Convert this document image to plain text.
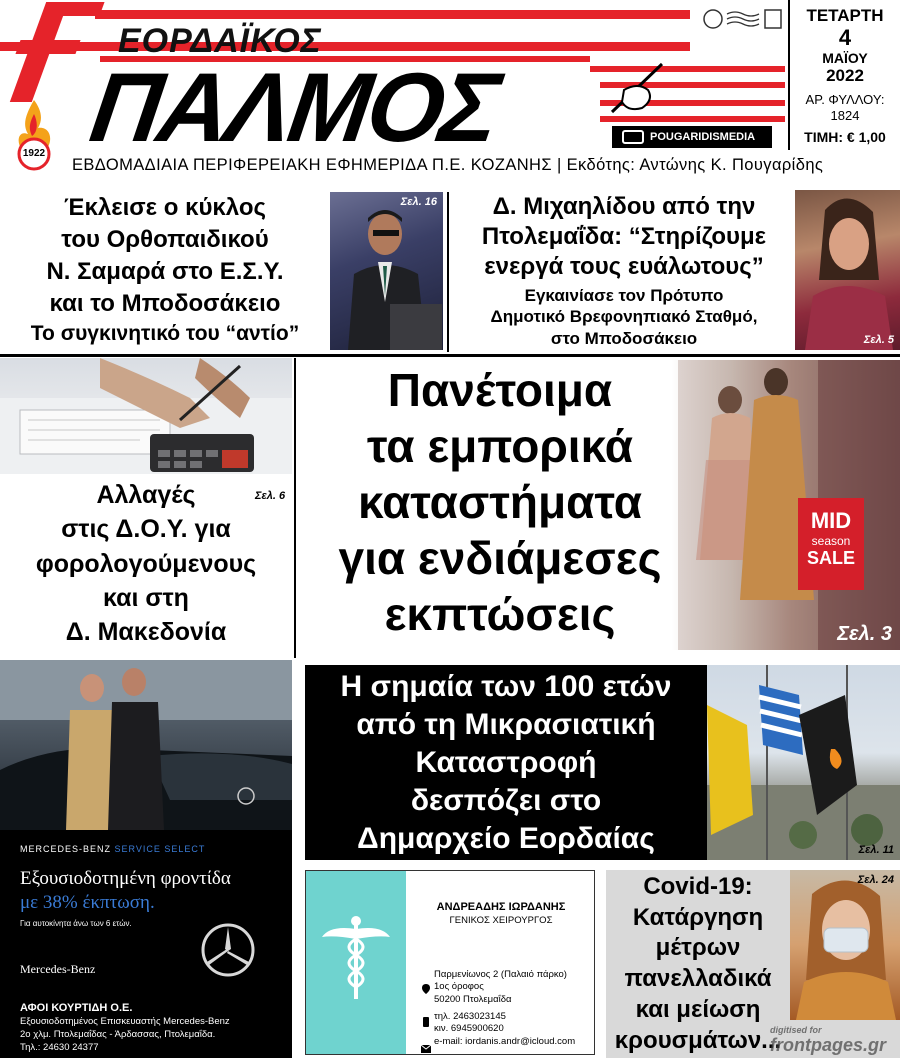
ΕΟΡΔΑΪΚΟΣ
ΠΑΛΜΟΣ
1922
POUGARIDISMEDIA
ΤΕΤΑΡΤΗ
4
ΜΑΪΟΥ
2022
ΑΡ. ΦΥΛΛΟΥ:
1824
ΤΙΜΗ: € 1,00
ΕΒΔΟΜΑΔΙΑΙΑ ΠΕΡΙΦΕΡΕΙΑΚΗ ΕΦΗΜΕΡΙΔΑ Π.Ε. ΚΟΖΑΝΗΣ | Εκδότης: Αντώνης Κ. Πουγαρίδης
Έκλεισε ο κύκλος
του Ορθοπαιδικού
Ν. Σαμαρά στο Ε.Σ.Υ.
και το Μποδοσάκειο
Το συγκινητικό του “αντίο”
Σελ. 16	Δ. Μιχαηλίδου από την
Πτολεμαΐδα: “Στηρίζουμε
ενεργά τους ευάλωτους”
Εγκαινίασε τον Πρότυπο
Δημοτικό Βρεφονηπιακό Σταθμό,
στο Μποδοσάκειο	Σελ. 5
Αλλαγές
στις Δ.Ο.Υ. για
φορολογούμενους
και στη
Δ. Μακεδονία
Σελ. 6
Σελ. 3
Πανέτοιμα
τα εμπορικά
καταστήματα
για ενδιάμεσες
εκπτώσεις
MID
season
SALE
Η σημαία των 100 ετών
από τη Μικρασιατική
Καταστροφή
δεσπόζει στο
Δημαρχείο Εορδαίας	Σελ. 11
MERCEDES-BENZ SERVICE SELECT
Εξουσιοδοτημένη φροντίδα
με 38% έκπτωση.
Για αυτοκίνητα άνω των 6 ετών.
Mercedes-Benz
ΑΦΟΙ ΚΟΥΡΤΙΔΗ Ο.Ε.
Εξουσιοδοτημένος Επισκευαστής Mercedes-Benz
2ο χλμ. Πτολεμαΐδας - Άρδασσας, Πτολεμαΐδα.
Τηλ.: 24630 24377
ΑΝΔΡΕΑΔΗΣ ΙΩΡΔΑΝΗΣ
ΓΕΝΙΚΟΣ ΧΕΙΡΟΥΡΓΟΣ
Παρμενίωνος 2 (Παλαιό πάρκο)
1ος όροφος
50200 Πτολεμαΐδα
τηλ. 2463023145
κιν. 6945900620
e-mail: iordanis.andr@icloud.com
Covid-19:
Κατάργηση
μέτρων
πανελλαδικά
και μείωση
κρουσμάτων...
Σελ. 24
digitised for
frontpages.gr
